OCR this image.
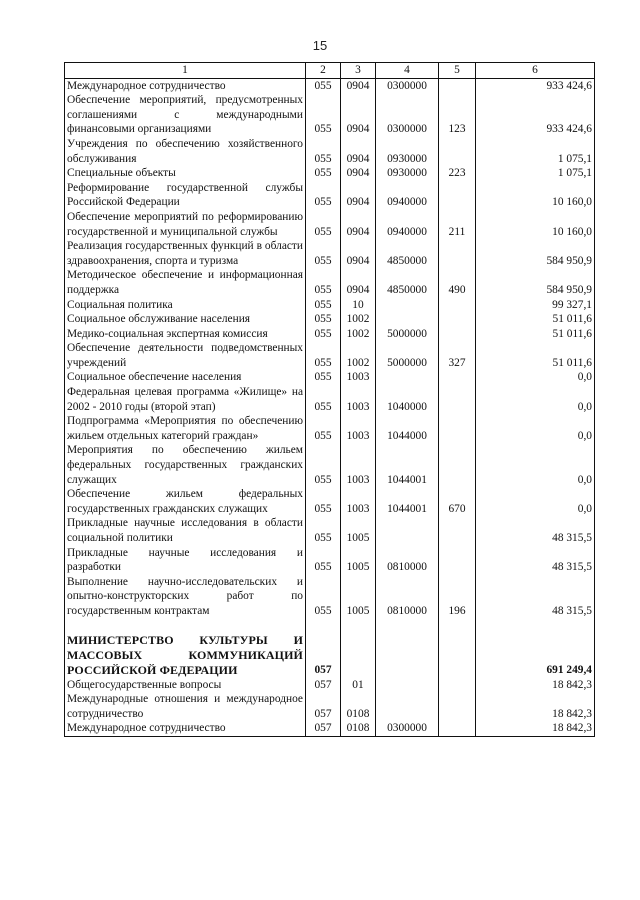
15
1	2	3	4	5	6
Международное сотрудничество	055	0904	0300000		933 424,6
Обеспечение мероприятий, предусмотренных соглашениями с международными финансовыми организациями	055	0904	0300000	123	933 424,6
Учреждения по обеспечению хозяйственного обслуживания	055	0904	0930000		1 075,1
Специальные объекты	055	0904	0930000	223	1 075,1
Реформирование государственной службы Российской Федерации	055	0904	0940000		10 160,0
Обеспечение мероприятий по реформированию государственной и муниципальной службы	055	0904	0940000	211	10 160,0
Реализация государственных функций в области здравоохранения, спорта и туризма	055	0904	4850000		584 950,9
Методическое обеспечение и информационная поддержка	055	0904	4850000	490	584 950,9
Социальная политика	055	10			99 327,1
Социальное обслуживание населения	055	1002			51 011,6
Медико-социальная экспертная комиссия	055	1002	5000000		51 011,6
Обеспечение деятельности подведомственных учреждений	055	1002	5000000	327	51 011,6
Социальное обеспечение населения	055	1003			0,0
Федеральная целевая программа «Жилище» на 2002 - 2010 годы (второй этап)	055	1003	1040000		0,0
Подпрограмма «Мероприятия по обеспечению жильем отдельных категорий граждан»	055	1003	1044000		0,0
Мероприятия по обеспечению жильем федеральных государственных гражданских служащих	055	1003	1044001		0,0
Обеспечение жильем федеральных государственных гражданских служащих	055	1003	1044001	670	0,0
Прикладные научные исследования в области социальной политики	055	1005			48 315,5
Прикладные научные исследования и разработки	055	1005	0810000		48 315,5
Выполнение научно-исследовательских и опытно-конструкторских работ по государственным контрактам	055	1005	0810000	196	48 315,5

МИНИСТЕРСТВО КУЛЬТУРЫ И МАССОВЫХ КОММУНИКАЦИЙ РОССИЙСКОЙ ФЕДЕРАЦИИ	057				691 249,4
Общегосударственные вопросы	057	01			18 842,3
Международные отношения и международное сотрудничество	057	0108			18 842,3
Международное сотрудничество	057	0108	0300000		18 842,3
